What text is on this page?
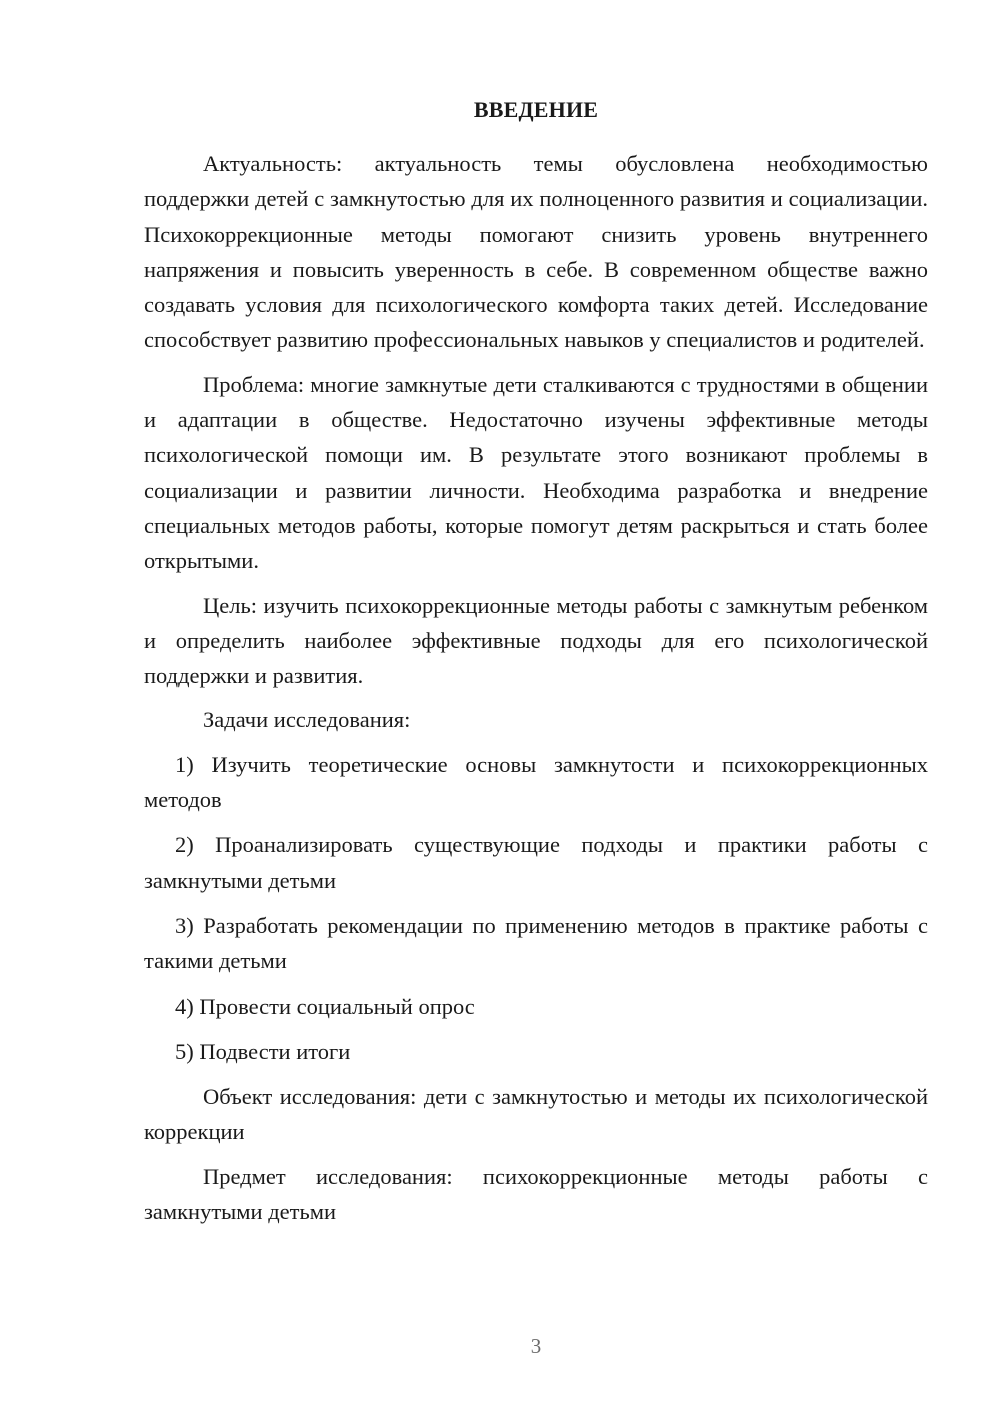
ВВЕДЕНИЕ

Актуальность: актуальность темы обусловлена необходимостью поддержки детей с замкнутостью для их полноценного развития и социализации. Психокоррекционные методы помогают снизить уровень внутреннего напряжения и повысить уверенность в себе. В современном обществе важно создавать условия для психологического комфорта таких детей. Исследование способствует развитию профессиональных навыков у специалистов и родителей.

Проблема: многие замкнутые дети сталкиваются с трудностями в общении и адаптации в обществе. Недостаточно изучены эффективные методы психологической помощи им. В результате этого возникают проблемы в социализации и развитии личности. Необходима разработка и внедрение специальных методов работы, которые помогут детям раскрыться и стать более открытыми.

Цель: изучить психокоррекционные методы работы с замкнутым ребенком и определить наиболее эффективные подходы для его психологической поддержки и развития.

Задачи исследования:

1) Изучить теоретические основы замкнутости и психокоррекционных методов

2) Проанализировать существующие подходы и практики работы с замкнутыми детьми

3) Разработать рекомендации по применению методов в практике работы с такими детьми

4) Провести социальный опрос

5) Подвести итоги

Объект исследования: дети с замкнутостью и методы их психологической коррекции

Предмет исследования: психокоррекционные методы работы с замкнутыми детьми

3
